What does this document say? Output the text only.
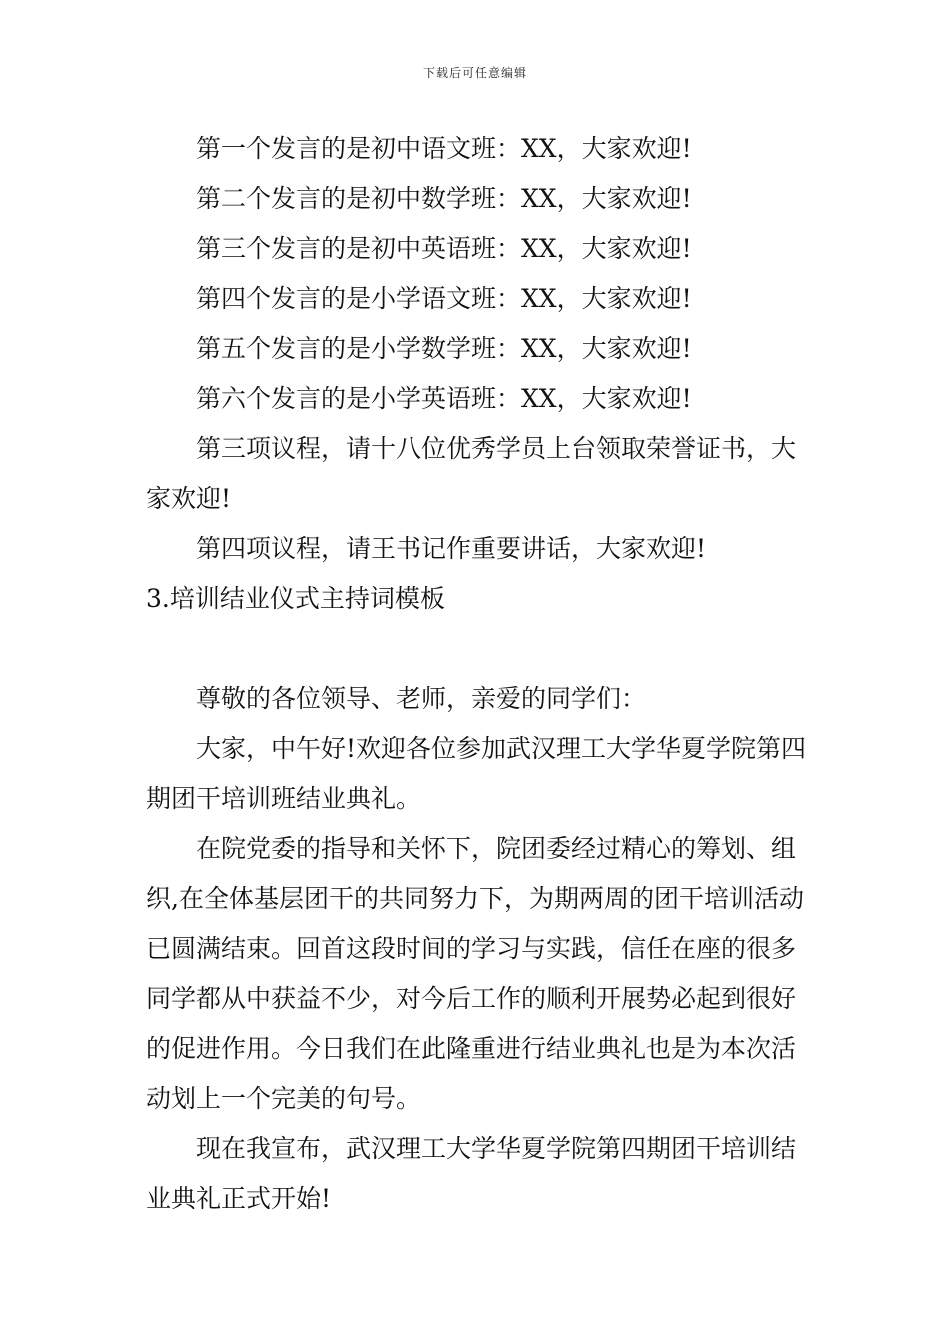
下载后可任意编辑

第一个发言的是初中语文班：XX，大家欢迎!

第二个发言的是初中数学班：XX，大家欢迎!

第三个发言的是初中英语班：XX，大家欢迎!

第四个发言的是小学语文班：XX，大家欢迎!

第五个发言的是小学数学班：XX，大家欢迎!

第六个发言的是小学英语班：XX，大家欢迎!

第三项议程，请十八位优秀学员上台领取荣誉证书，大家欢迎!

第四项议程，请王书记作重要讲话，大家欢迎!

3.培训结业仪式主持词模板

尊敬的各位领导、老师，亲爱的同学们：

大家，中午好!欢迎各位参加武汉理工大学华夏学院第四期团干培训班结业典礼。

在院党委的指导和关怀下，院团委经过精心的筹划、组织,在全体基层团干的共同努力下，为期两周的团干培训活动已圆满结束。回首这段时间的学习与实践，信任在座的很多同学都从中获益不少，对今后工作的顺利开展势必起到很好的促进作用。今日我们在此隆重进行结业典礼也是为本次活动划上一个完美的句号。

现在我宣布，武汉理工大学华夏学院第四期团干培训结业典礼正式开始!
